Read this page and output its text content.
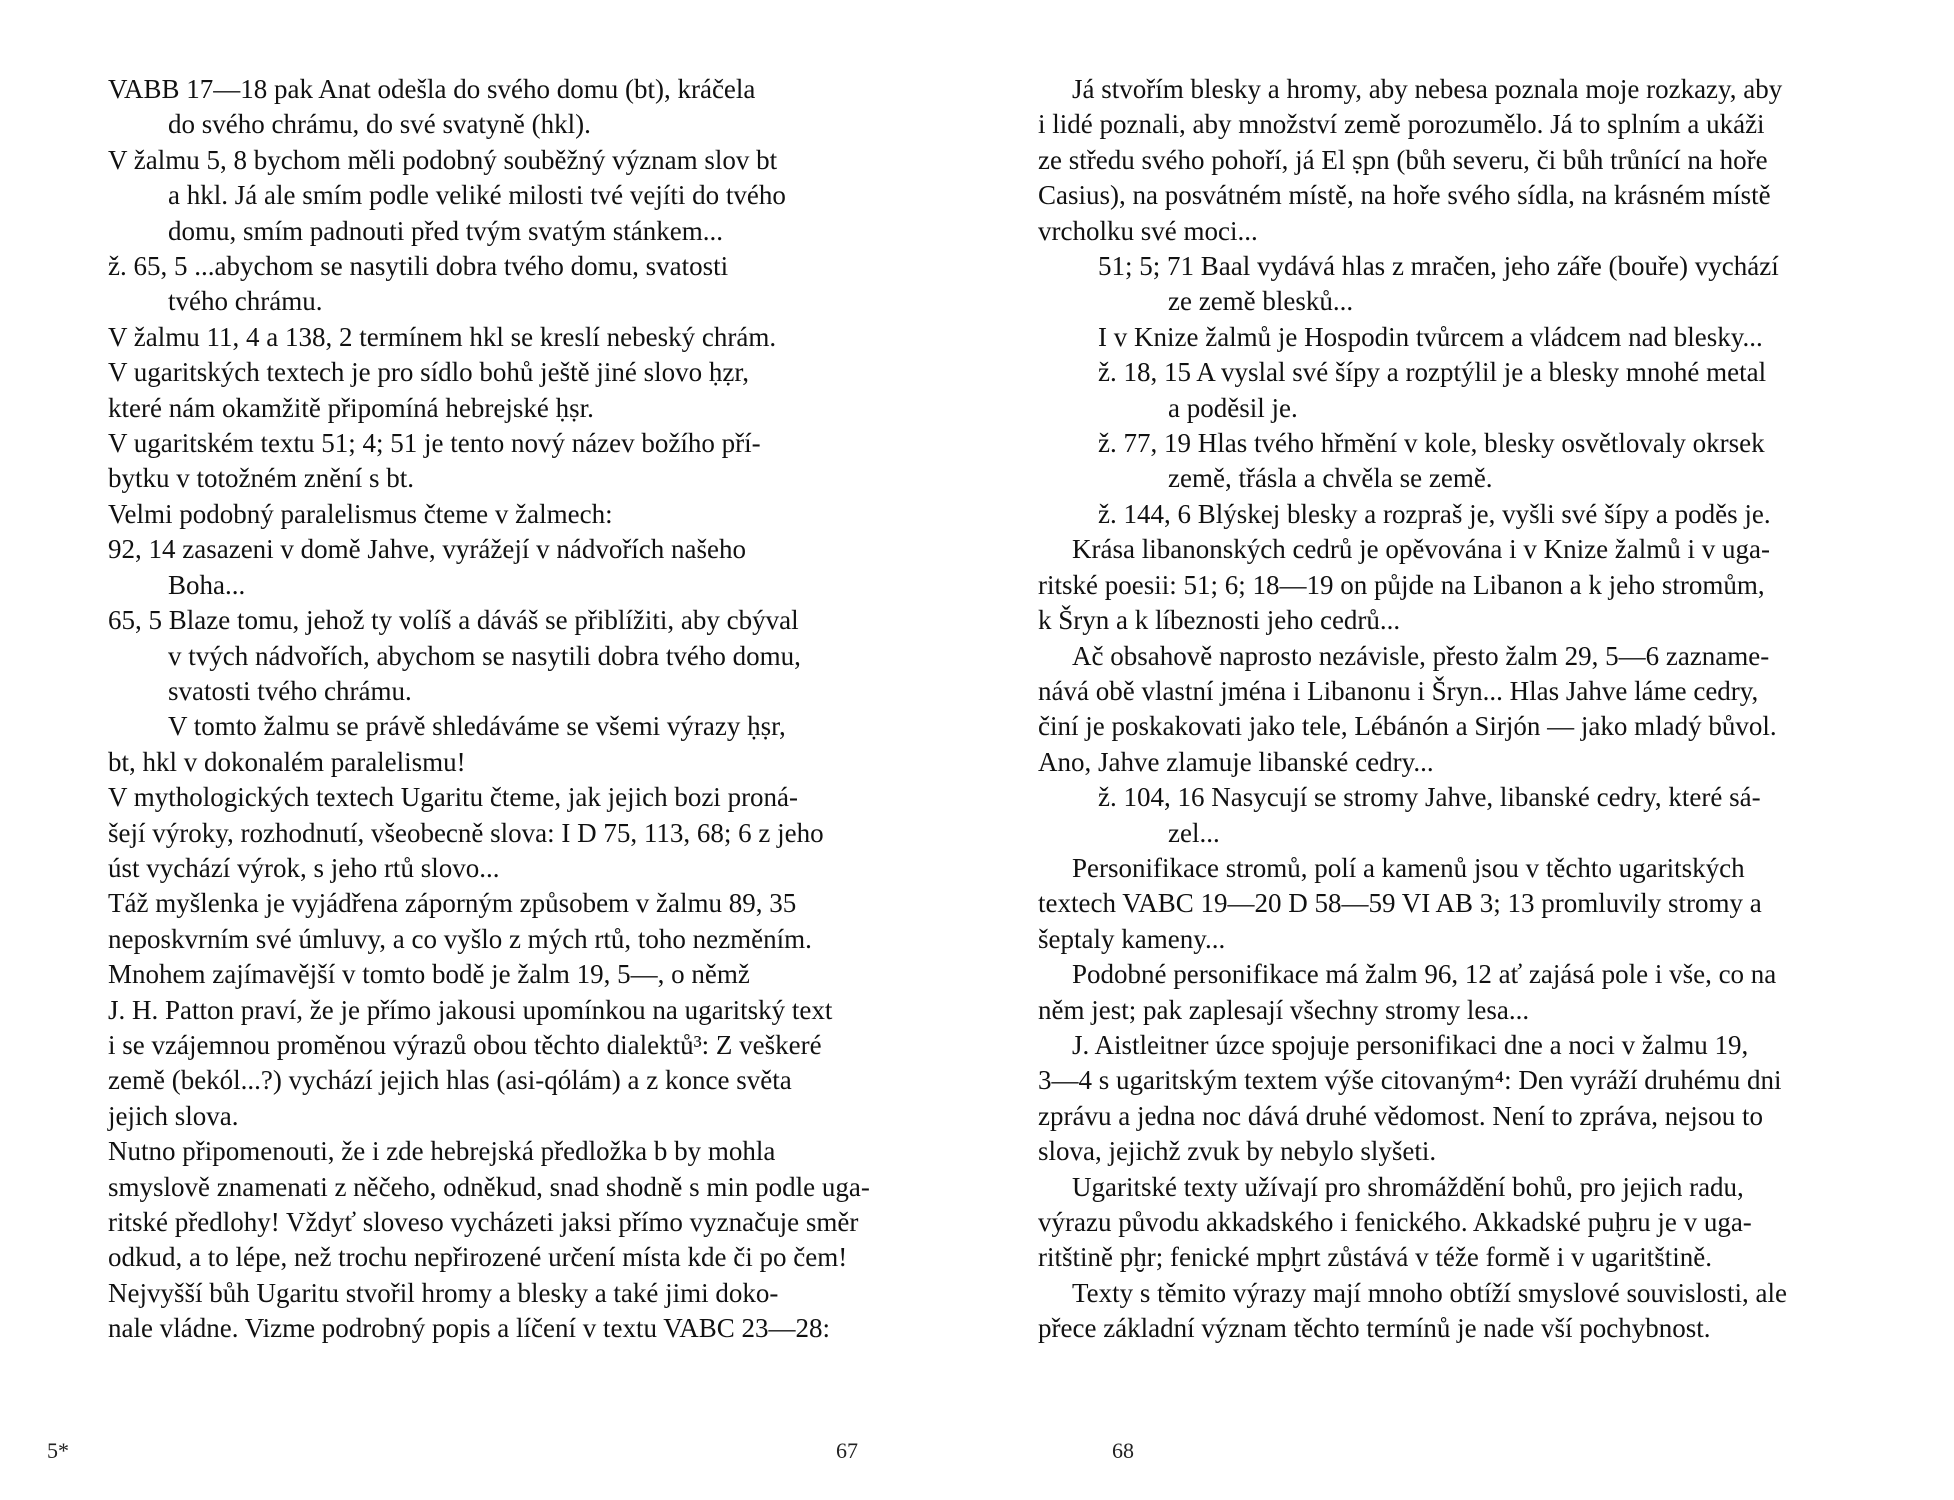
VABB 17—18 pak Anat odešla do svého domu (bt), kráčela
do svého chrámu, do své svatyně (hkl).
V žalmu 5, 8 bychom měli podobný souběžný význam slov bt
a hkl. Já ale smím podle veliké milosti tvé vejíti do tvého
domu, smím padnouti před tvým svatým stánkem...
ž. 65, 5 ...abychom se nasytili dobra tvého domu, svatosti
tvého chrámu.
V žalmu 11, 4 a 138, 2 termínem hkl se kreslí nebeský chrám.
V ugaritských textech je pro sídlo bohů ještě jiné slovo ḥẓr,
které nám okamžitě připomíná hebrejské ḥṣr.
V ugaritském textu 51; 4; 51 je tento nový název božího pří-
bytku v totožném znění s bt.
Velmi podobný paralelismus čteme v žalmech:
92, 14 zasazeni v domě Jahve, vyrážejí v nádvořích našeho
Boha...
65, 5 Blaze tomu, jehož ty volíš a dáváš se přiblížiti, aby cbýval
v tvých nádvořích, abychom se nasytili dobra tvého domu,
svatosti tvého chrámu.
V tomto žalmu se právě shledáváme se všemi výrazy ḥṣr,
bt, hkl v dokonalém paralelismu!
V mythologických textech Ugaritu čteme, jak jejich bozi proná-
šejí výroky, rozhodnutí, všeobecně slova: I D 75, 113, 68; 6 z jeho
úst vychází výrok, s jeho rtů slovo...
Táž myšlenka je vyjádřena záporným způsobem v žalmu 89, 35
neposkvrním své úmluvy, a co vyšlo z mých rtů, toho nezměním.
Mnohem zajímavější v tomto bodě je žalm 19, 5—, o němž
J. H. Patton praví, že je přímo jakousi upomínkou na ugaritský text
i se vzájemnou proměnou výrazů obou těchto dialektů³: Z veškeré
země (bekól...?) vychází jejich hlas (asi-qólám) a z konce světa
jejich slova.
Nutno připomenouti, že i zde hebrejská předložka b by mohla
smyslově znamenati z něčeho, odněkud, snad shodně s min podle uga-
ritské předlohy! Vždyť sloveso vycházeti jaksi přímo vyznačuje směr
odkud, a to lépe, než trochu nepřirozené určení místa kde či po čem!
Nejvyšší bůh Ugaritu stvořil hromy a blesky a také jimi doko-
nale vládne. Vizme podrobný popis a líčení v textu VABC 23—28:
Já stvořím blesky a hromy, aby nebesa poznala moje rozkazy, aby
i lidé poznali, aby množství země porozumělo. Já to splním a ukáži
ze středu svého pohoří, já El ṣpn (bůh severu, či bůh trůnící na hoře
Casius), na posvátném místě, na hoře svého sídla, na krásném místě
vrcholku své moci...
51; 5; 71 Baal vydává hlas z mračen, jeho záře (bouře) vychází
ze země blesků...
I v Knize žalmů je Hospodin tvůrcem a vládcem nad blesky...
ž. 18, 15 A vyslal své šípy a rozptýlil je a blesky mnohé metal
a poděsil je.
ž. 77, 19 Hlas tvého hřmění v kole, blesky osvětlovaly okrsek
země, třásla a chvěla se země.
ž. 144, 6 Blýskej blesky a rozpraš je, vyšli své šípy a poděs je.
Krása libanonských cedrů je opěvována i v Knize žalmů i v uga-
ritské poesii: 51; 6; 18—19 on půjde na Libanon a k jeho stromům,
k Šryn a k líbeznosti jeho cedrů...
Ač obsahově naprosto nezávisle, přesto žalm 29, 5—6 zazname-
nává obě vlastní jména i Libanonu i Šryn... Hlas Jahve láme cedry,
činí je poskakovati jako tele, Lébánón a Sirjón — jako mladý bůvol.
Ano, Jahve zlamuje libanské cedry...
ž. 104, 16 Nasycují se stromy Jahve, libanské cedry, které sá-
zel...
Personifikace stromů, polí a kamenů jsou v těchto ugaritských
textech VABC 19—20 D 58—59 VI AB 3; 13 promluvily stromy a
šeptaly kameny...
Podobné personifikace má žalm 96, 12 ať zajásá pole i vše, co na
něm jest; pak zaplesají všechny stromy lesa...
J. Aistleitner úzce spojuje personifikaci dne a noci v žalmu 19,
3—4 s ugaritským textem výše citovaným⁴: Den vyráží druhému dni
zprávu a jedna noc dává druhé vědomost. Není to zpráva, nejsou to
slova, jejichž zvuk by nebylo slyšeti.
Ugaritské texty užívají pro shromáždění bohů, pro jejich radu,
výrazu původu akkadského i fenického. Akkadské puḫru je v uga-
ritštině pḫr; fenické mpḫrt zůstává v téže formě i v ugaritštině.
Texty s těmito výrazy mají mnoho obtíží smyslové souvislosti, ale
přece základní význam těchto termínů je nade vší pochybnost.
5*	67	68
